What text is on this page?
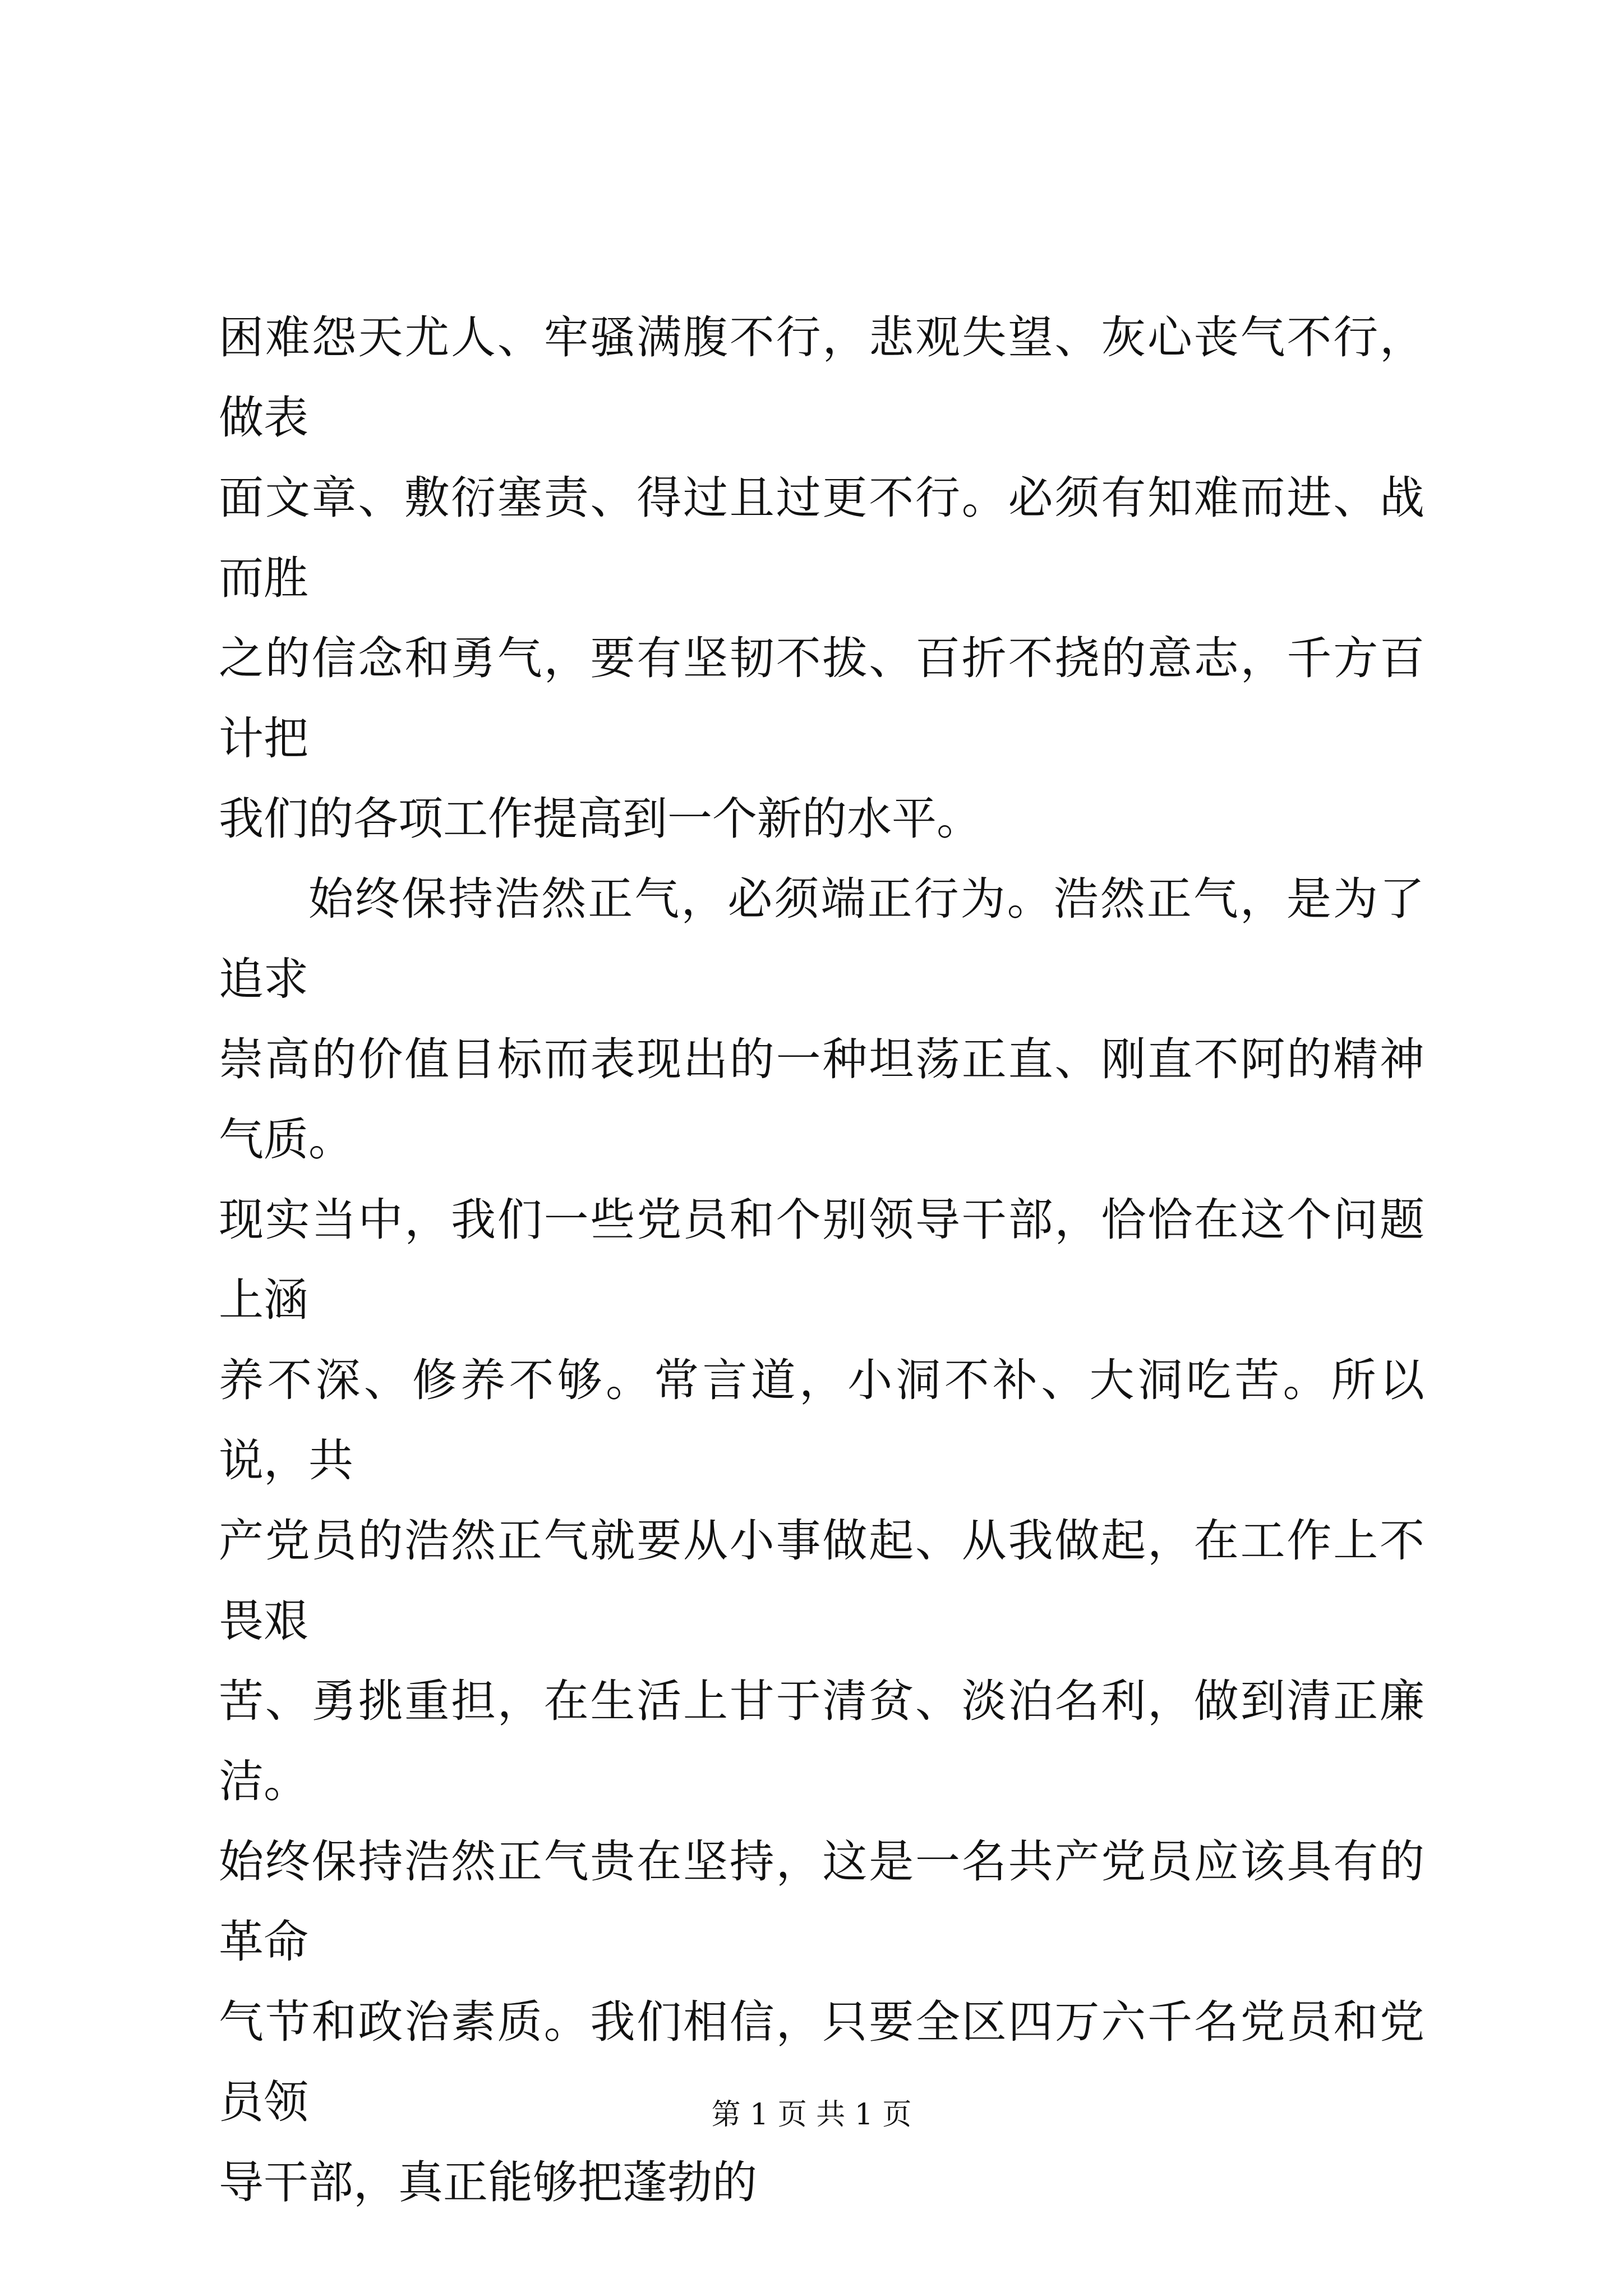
困难怨天尤人、牢骚满腹不行，悲观失望、灰心丧气不行，做表
面文章、敷衍塞责、得过且过更不行。必须有知难而进、战而胜
之的信念和勇气，要有坚韧不拔、百折不挠的意志，千方百计把
我们的各项工作提高到一个新的水平。

始终保持浩然正气，必须端正行为。浩然正气，是为了追求
崇高的价值目标而表现出的一种坦荡正直、刚直不阿的精神气质。
现实当中，我们一些党员和个别领导干部，恰恰在这个问题上涵
养不深、修养不够。常言道，小洞不补、大洞吃苦。所以说，共
产党员的浩然正气就要从小事做起、从我做起，在工作上不畏艰
苦、勇挑重担，在生活上甘于清贫、淡泊名利，做到清正廉洁。
始终保持浩然正气贵在坚持，这是一名共产党员应该具有的革命
气节和政治素质。我们相信，只要全区四万六千名党员和党员领
导干部，真正能够把蓬勃的

第 1 页 共 1 页
